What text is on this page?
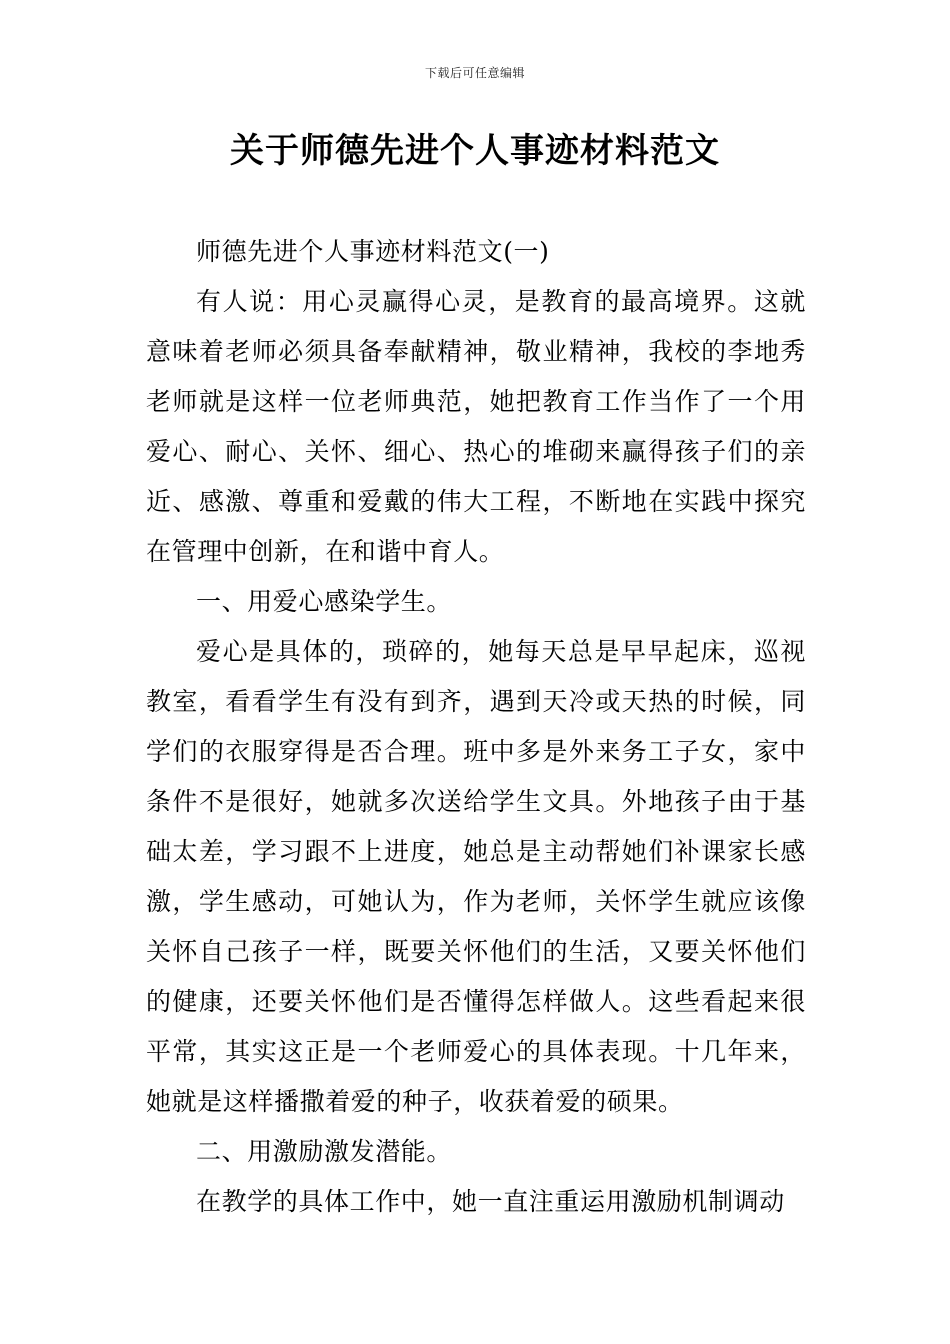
下载后可任意编辑
关于师德先进个人事迹材料范文

师德先进个人事迹材料范文(一)

有人说：用心灵赢得心灵，是教育的最高境界。这就意味着老师必须具备奉献精神，敬业精神，我校的李地秀老师就是这样一位老师典范，她把教育工作当作了一个用爱心、耐心、关怀、细心、热心的堆砌来赢得孩子们的亲近、感激、尊重和爱戴的伟大工程，不断地在实践中探究在管理中创新，在和谐中育人。

一、用爱心感染学生。

爱心是具体的，琐碎的，她每天总是早早起床，巡视教室，看看学生有没有到齐，遇到天冷或天热的时候，同学们的衣服穿得是否合理。班中多是外来务工子女，家中条件不是很好，她就多次送给学生文具。外地孩子由于基础太差，学习跟不上进度，她总是主动帮她们补课家长感激，学生感动，可她认为，作为老师，关怀学生就应该像关怀自己孩子一样，既要关怀他们的生活，又要关怀他们的健康，还要关怀他们是否懂得怎样做人。这些看起来很平常，其实这正是一个老师爱心的具体表现。十几年来，她就是这样播撒着爱的种子，收获着爱的硕果。

二、用激励激发潜能。

在教学的具体工作中，她一直注重运用激励机制调动
